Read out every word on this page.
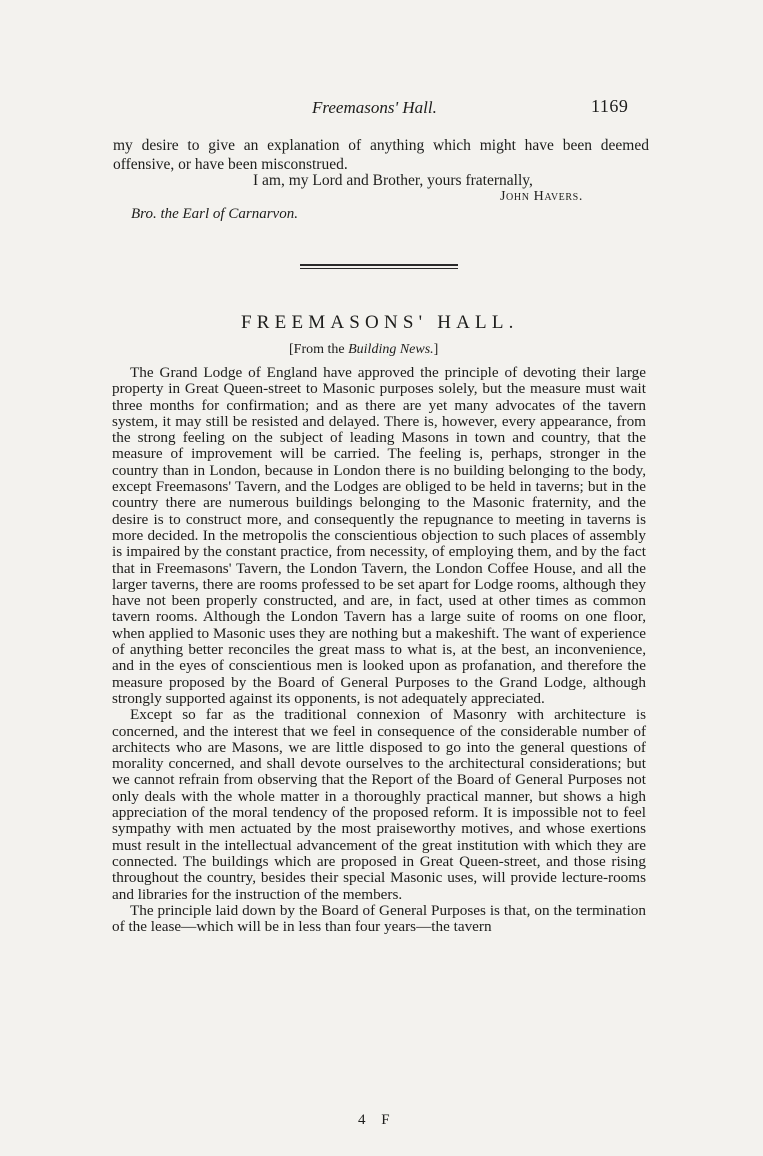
Freemasons' Hall.	1169

my desire to give an explanation of anything which might have been deemed offensive, or have been misconstrued.

I am, my Lord and Brother, yours fraternally,
John Havers.
Bro. the Earl of Carnarvon.
FREEMASONS' HALL.
[From the Building News.]

The Grand Lodge of England have approved the principle of devoting their large property in Great Queen-street to Masonic purposes solely, but the measure must wait three months for confirmation; and as there are yet many advocates of the tavern system, it may still be resisted and delayed. There is, however, every appearance, from the strong feeling on the subject of leading Masons in town and country, that the measure of improvement will be carried. The feeling is, perhaps, stronger in the country than in London, because in London there is no building belonging to the body, except Freemasons' Tavern, and the Lodges are obliged to be held in taverns; but in the country there are numerous buildings belonging to the Masonic fraternity, and the desire is to construct more, and consequently the repugnance to meeting in taverns is more decided. In the metropolis the conscientious objection to such places of assembly is impaired by the constant practice, from necessity, of employing them, and by the fact that in Freemasons' Tavern, the London Tavern, the London Coffee House, and all the larger taverns, there are rooms professed to be set apart for Lodge rooms, although they have not been properly constructed, and are, in fact, used at other times as common tavern rooms. Although the London Tavern has a large suite of rooms on one floor, when applied to Masonic uses they are nothing but a makeshift. The want of experience of anything better reconciles the great mass to what is, at the best, an inconvenience, and in the eyes of conscientious men is looked upon as profanation, and therefore the measure proposed by the Board of General Purposes to the Grand Lodge, although strongly supported against its opponents, is not adequately appreciated.

Except so far as the traditional connexion of Masonry with architecture is concerned, and the interest that we feel in consequence of the considerable number of architects who are Masons, we are little disposed to go into the general questions of morality concerned, and shall devote ourselves to the architectural considerations; but we cannot refrain from observing that the Report of the Board of General Purposes not only deals with the whole matter in a thoroughly practical manner, but shows a high appreciation of the moral tendency of the proposed reform. It is impossible not to feel sympathy with men actuated by the most praiseworthy motives, and whose exertions must result in the intellectual advancement of the great institution with which they are connected. The buildings which are proposed in Great Queen-street, and those rising throughout the country, besides their special Masonic uses, will provide lecture-rooms and libraries for the instruction of the members.

The principle laid down by the Board of General Purposes is that, on the termination of the lease—which will be in less than four years—the tavern

4 F
